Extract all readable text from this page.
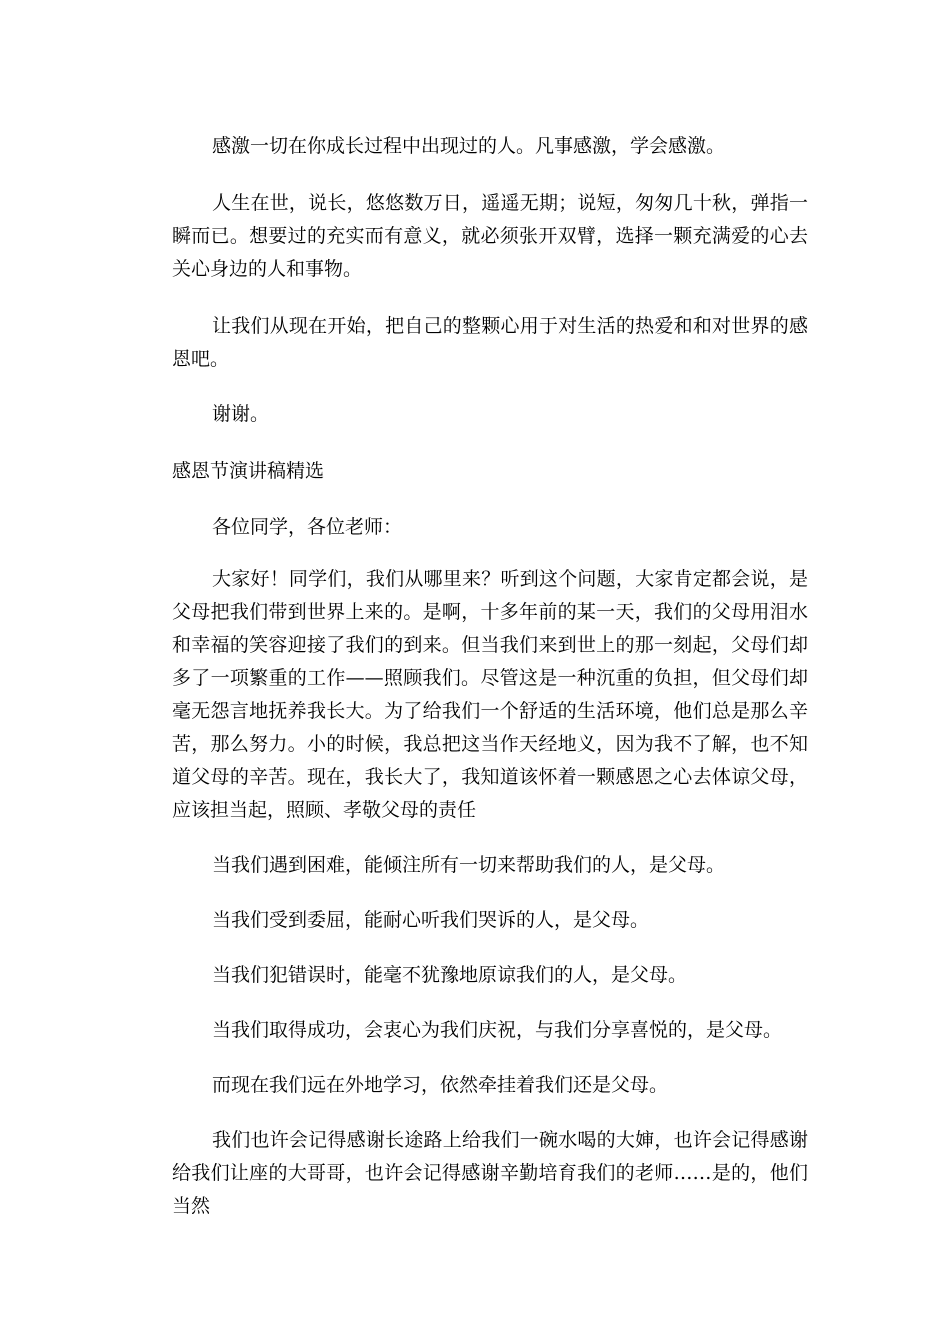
感激一切在你成长过程中出现过的人。凡事感激，学会感激。

人生在世，说长，悠悠数万日，遥遥无期；说短，匆匆几十秋，弹指一瞬而已。想要过的充实而有意义，就必须张开双臂，选择一颗充满爱的心去关心身边的人和事物。

让我们从现在开始，把自己的整颗心用于对生活的热爱和和对世界的感恩吧。

谢谢。

感恩节演讲稿精选

各位同学，各位老师：

大家好！同学们，我们从哪里来？听到这个问题，大家肯定都会说，是父母把我们带到世界上来的。是啊，十多年前的某一天，我们的父母用泪水和幸福的笑容迎接了我们的到来。但当我们来到世上的那一刻起，父母们却多了一项繁重的工作——照顾我们。尽管这是一种沉重的负担，但父母们却毫无怨言地抚养我长大。为了给我们一个舒适的生活环境，他们总是那么辛苦，那么努力。小的时候，我总把这当作天经地义，因为我不了解，也不知道父母的辛苦。现在，我长大了，我知道该怀着一颗感恩之心去体谅父母，应该担当起，照顾、孝敬父母的责任

当我们遇到困难，能倾注所有一切来帮助我们的人，是父母。

当我们受到委屈，能耐心听我们哭诉的人，是父母。

当我们犯错误时，能毫不犹豫地原谅我们的人，是父母。

当我们取得成功，会衷心为我们庆祝，与我们分享喜悦的，是父母。

而现在我们远在外地学习，依然牵挂着我们还是父母。

我们也许会记得感谢长途路上给我们一碗水喝的大婶，也许会记得感谢给我们让座的大哥哥，也许会记得感谢辛勤培育我们的老师……是的，他们当然
